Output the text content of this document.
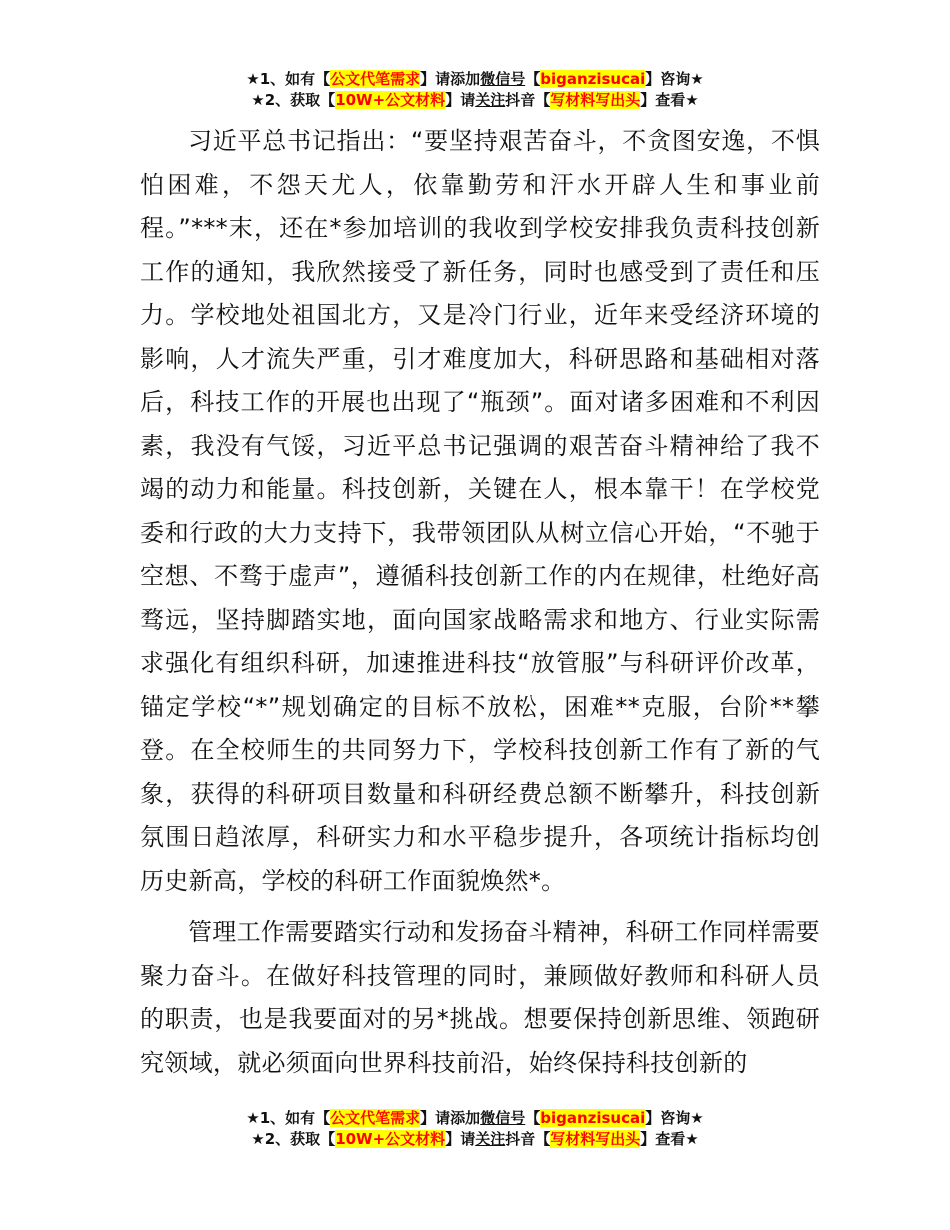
★1、如有【公文代笔需求】请添加微信号【biganzisucai】咨询★
★2、获取【10W+公文材料】请关注抖音【写材料写出头】查看★

习近平总书记指出：“要坚持艰苦奋斗，不贪图安逸，不惧怕困难，不怨天尤人，依靠勤劳和汗水开辟人生和事业前程。”***末，还在*参加培训的我收到学校安排我负责科技创新工作的通知，我欣然接受了新任务，同时也感受到了责任和压力。学校地处祖国北方，又是冷门行业，近年来受经济环境的影响，人才流失严重，引才难度加大，科研思路和基础相对落后，科技工作的开展也出现了“瓶颈”。面对诸多困难和不利因素，我没有气馁，习近平总书记强调的艰苦奋斗精神给了我不竭的动力和能量。科技创新，关键在人，根本靠干！在学校党委和行政的大力支持下，我带领团队从树立信心开始，“不驰于空想、不骛于虚声”，遵循科技创新工作的内在规律，杜绝好高骛远，坚持脚踏实地，面向国家战略需求和地方、行业实际需求强化有组织科研，加速推进科技“放管服”与科研评价改革，锚定学校“*”规划确定的目标不放松，困难**克服，台阶**攀登。在全校师生的共同努力下，学校科技创新工作有了新的气象，获得的科研项目数量和科研经费总额不断攀升，科技创新氛围日趋浓厚，科研实力和水平稳步提升，各项统计指标均创历史新高，学校的科研工作面貌焕然*。

管理工作需要踏实行动和发扬奋斗精神，科研工作同样需要聚力奋斗。在做好科技管理的同时，兼顾做好教师和科研人员的职责，也是我要面对的另*挑战。想要保持创新思维、领跑研究领域，就必须面向世界科技前沿，始终保持科技创新的

★1、如有【公文代笔需求】请添加微信号【biganzisucai】咨询★
★2、获取【10W+公文材料】请关注抖音【写材料写出头】查看★
